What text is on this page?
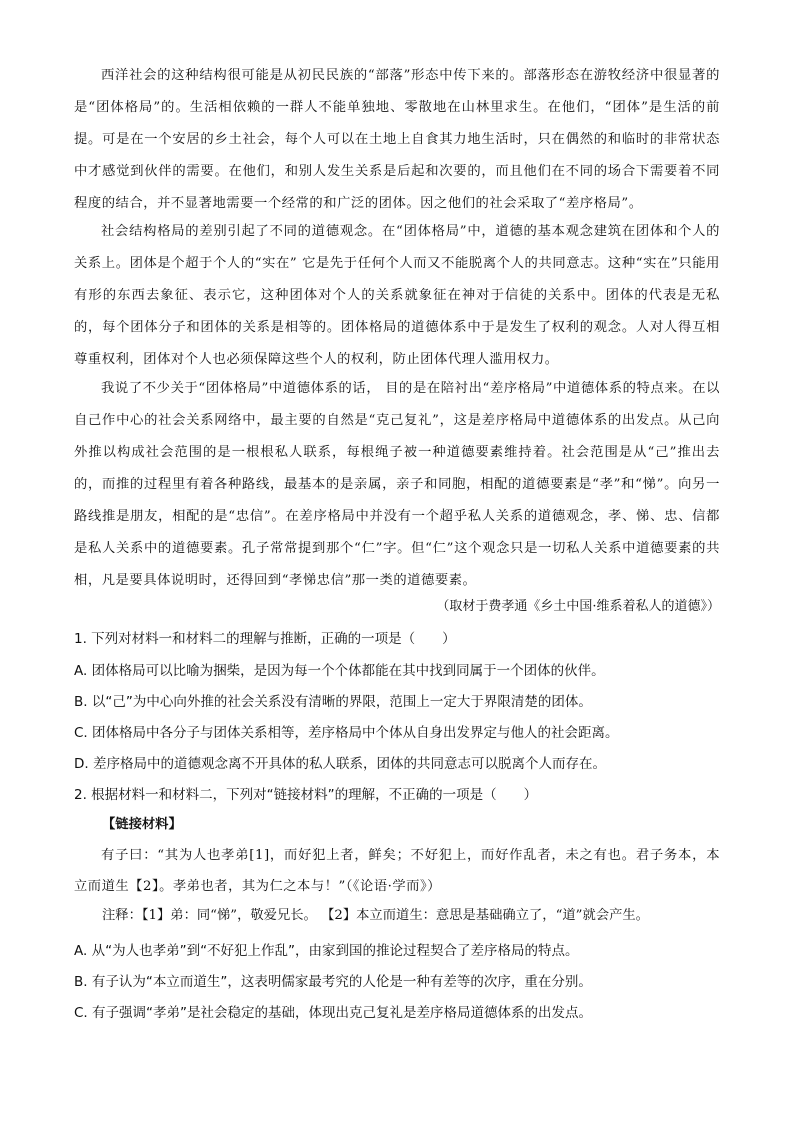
西洋社会的这种结构很可能是从初民民族的“部落”形态中传下来的。部落形态在游牧经济中很显著的是“团体格局”的。生活相依赖的一群人不能单独地、零散地在山林里求生。在他们，“团体”是生活的前提。可是在一个安居的乡土社会，每个人可以在土地上自食其力地生活时，只在偶然的和临时的非常状态中才感觉到伙伴的需要。在他们，和别人发生关系是后起和次要的，而且他们在不同的场合下需要着不同程度的结合，并不显著地需要一个经常的和广泛的团体。因之他们的社会采取了“差序格局”。

社会结构格局的差别引起了不同的道德观念。在“团体格局”中，道德的基本观念建筑在团体和个人的关系上。团体是个超于个人的“实在” 它是先于任何个人而又不能脱离个人的共同意志。这种“实在”只能用有形的东西去象征、表示它，这种团体对个人的关系就象征在神对于信徒的关系中。团体的代表是无私的，每个团体分子和团体的关系是相等的。团体格局的道德体系中于是发生了权利的观念。人对人得互相尊重权利，团体对个人也必须保障这些个人的权利，防止团体代理人滥用权力。

我说了不少关于“团体格局”中道德体系的话， 目的是在陪衬出“差序格局”中道德体系的特点来。在以自己作中心的社会关系网络中，最主要的自然是“克己复礼”，这是差序格局中道德体系的出发点。从己向外推以构成社会范围的是一根根私人联系，每根绳子被一种道德要素维持着。社会范围是从“己”推出去的，而推的过程里有着各种路线，最基本的是亲属，亲子和同胞，相配的道德要素是“孝”和“悌”。向另一路线推是朋友，相配的是“忠信”。在差序格局中并没有一个超乎私人关系的道德观念，孝、悌、忠、信都是私人关系中的道德要素。孔子常常提到那个“仁”字。但“仁”这个观念只是一切私人关系中道德要素的共相，凡是要具体说明时，还得回到“孝悌忠信”那一类的道德要素。

（取材于费孝通《乡土中国·维系着私人的道德》）

1. 下列对材料一和材料二的理解与推断，正确的一项是（　　）

A. 团体格局可以比喻为捆柴，是因为每一个个体都能在其中找到同属于一个团体的伙伴。

B. 以“己”为中心向外推的社会关系没有清晰的界限，范围上一定大于界限清楚的团体。

C. 团体格局中各分子与团体关系相等，差序格局中个体从自身出发界定与他人的社会距离。

D. 差序格局中的道德观念离不开具体的私人联系，团体的共同意志可以脱离个人而存在。

2. 根据材料一和材料二，下列对“链接材料”的理解，不正确的一项是（　　）

【链接材料】

有子曰：“其为人也孝弟[1]，而好犯上者，鲜矣；不好犯上，而好作乱者，未之有也。君子务本，本立而道生【2】。孝弟也者，其为仁之本与！”（《论语·学而》）

注释：【1】弟：同“悌”，敬爱兄长。 【2】本立而道生：意思是基础确立了，“道”就会产生。

A. 从“为人也孝弟”到“不好犯上作乱”，由家到国的推论过程契合了差序格局的特点。

B. 有子认为“本立而道生”，这表明儒家最考究的人伦是一种有差等的次序，重在分别。

C. 有子强调“孝弟”是社会稳定的基础，体现出克己复礼是差序格局道德体系的出发点。
